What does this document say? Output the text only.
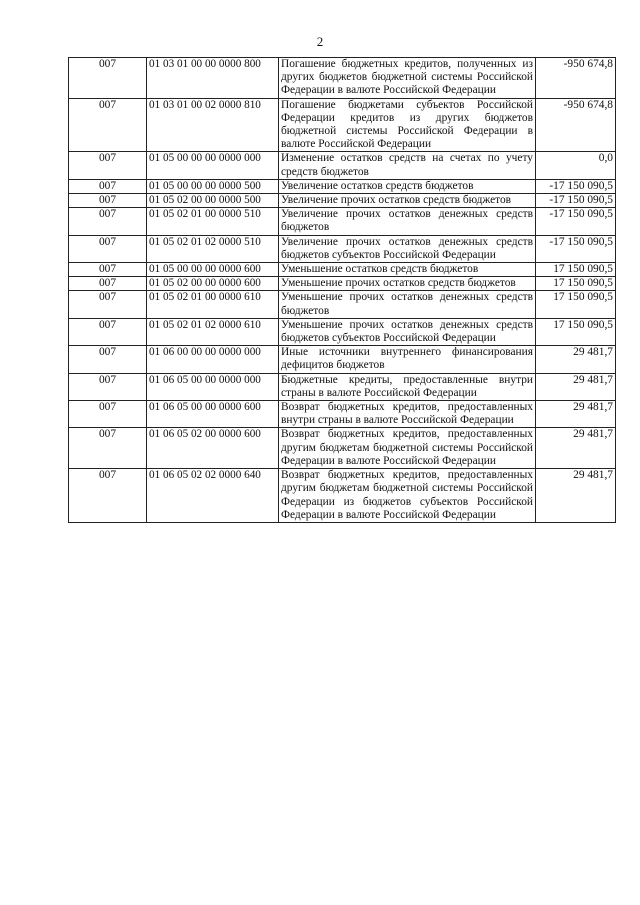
2
007	01 03 01 00 00 0000 800	Погашение бюджетных кредитов, полученных из других бюджетов бюджетной системы Российской Федерации в валюте Российской Федерации	-950 674,8
007	01 03 01 00 02 0000 810	Погашение бюджетами субъектов Российской Федерации кредитов из других бюджетов бюджетной системы Российской Федерации в валюте Российской Федерации	-950 674,8
007	01 05 00 00 00 0000 000	Изменение остатков средств на счетах по учету средств бюджетов	0,0
007	01 05 00 00 00 0000 500	Увеличение остатков средств бюджетов	-17 150 090,5
007	01 05 02 00 00 0000 500	Увеличение прочих остатков средств бюджетов	-17 150 090,5
007	01 05 02 01 00 0000 510	Увеличение прочих остатков денежных средств бюджетов	-17 150 090,5
007	01 05 02 01 02 0000 510	Увеличение прочих остатков денежных средств бюджетов субъектов Российской Федерации	-17 150 090,5
007	01 05 00 00 00 0000 600	Уменьшение остатков средств бюджетов	17 150 090,5
007	01 05 02 00 00 0000 600	Уменьшение прочих остатков средств бюджетов	17 150 090,5
007	01 05 02 01 00 0000 610	Уменьшение прочих остатков денежных средств бюджетов	17 150 090,5
007	01 05 02 01 02 0000 610	Уменьшение прочих остатков денежных средств бюджетов субъектов Российской Федерации	17 150 090,5
007	01 06 00 00 00 0000 000	Иные источники внутреннего финансирования дефицитов бюджетов	29 481,7
007	01 06 05 00 00 0000 000	Бюджетные кредиты, предоставленные внутри страны в валюте Российской Федерации	29 481,7
007	01 06 05 00 00 0000 600	Возврат бюджетных кредитов, предоставленных внутри страны в валюте Российской Федерации	29 481,7
007	01 06 05 02 00 0000 600	Возврат бюджетных кредитов, предоставленных другим бюджетам бюджетной системы Российской Федерации в валюте Российской Федерации	29 481,7
007	01 06 05 02 02 0000 640	Возврат бюджетных кредитов, предоставленных другим бюджетам бюджетной системы Российской Федерации из бюджетов субъектов Российской Федерации в валюте Российской Федерации	29 481,7
